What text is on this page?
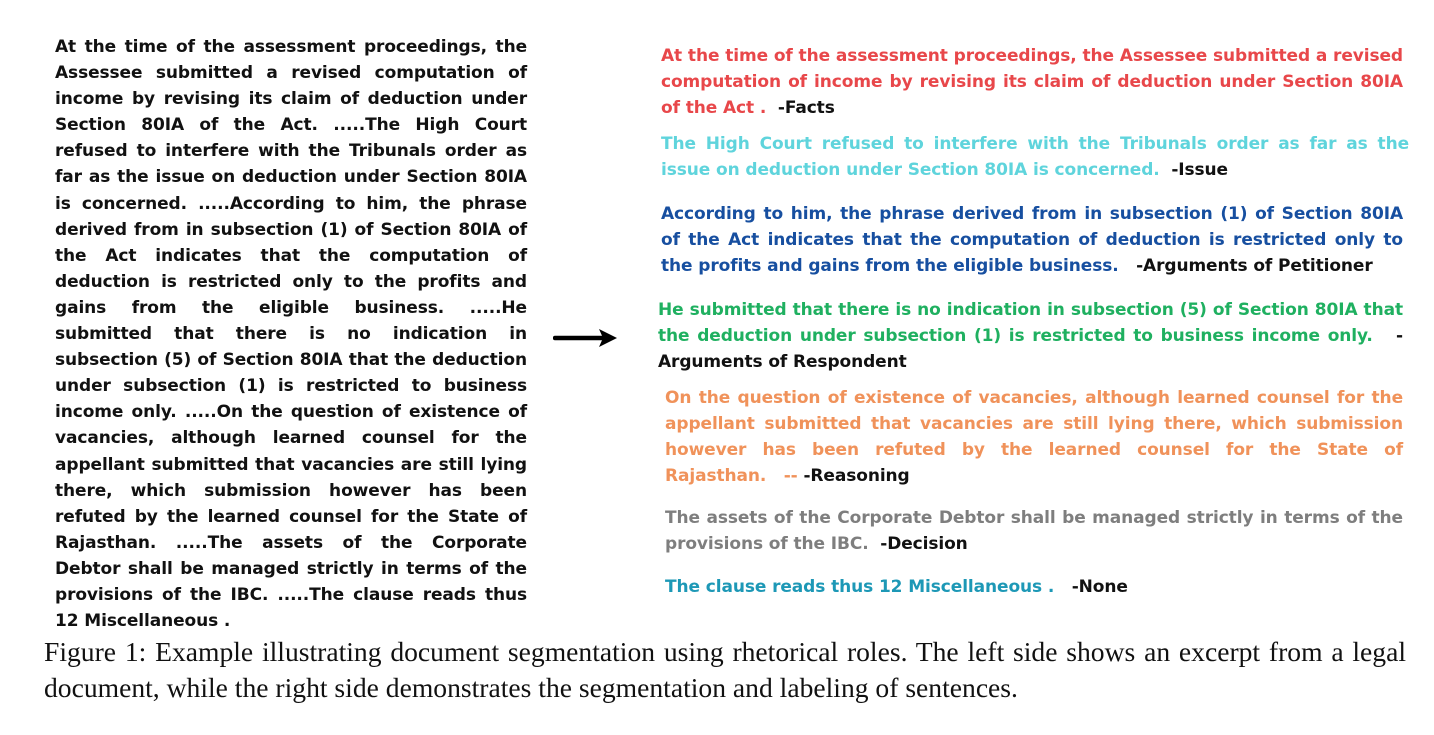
At the time of the assessment proceedings, the Assessee submitted a revised computation of income by revising its claim of deduction under Section 80IA of the Act. .....The High Court refused to interfere with the Tribunals order as far as the issue on deduction under Section 80IA is concerned. .....According to him, the phrase derived from in subsection (1) of Section 80IA of the Act indicates that the computation of deduction is restricted only to the profits and gains from the eligible business. .....He submitted that there is no indication in subsection (5) of Section 80IA that the deduction under subsection (1) is restricted to business income only. .....On the question of existence of vacancies, although learned counsel for the appellant submitted that vacancies are still lying there, which submission however has been refuted by the learned counsel for the State of Rajasthan. .....The assets of the Corporate Debtor shall be managed strictly in terms of the provisions of the IBC. .....The clause reads thus 12 Miscellaneous .
At the time of the assessment proceedings, the Assessee submitted a revised computation of income by revising its claim of deduction under Section 80IA of the Act . -Facts
The High Court refused to interfere with the Tribunals order as far as the issue on deduction under Section 80IA is concerned. -Issue
According to him, the phrase derived from in subsection (1) of Section 80IA of the Act indicates that the computation of deduction is restricted only to the profits and gains from the eligible business. -Arguments of Petitioner
He submitted that there is no indication in subsection (5) of Section 80IA that the deduction under subsection (1) is restricted to business income only. - Arguments of Respondent
On the question of existence of vacancies, although learned counsel for the appellant submitted that vacancies are still lying there, which submission however has been refuted by the learned counsel for the State of Rajasthan. -- -Reasoning
The assets of the Corporate Debtor shall be managed strictly in terms of the provisions of the IBC. -Decision
The clause reads thus 12 Miscellaneous . -None
Figure 1: Example illustrating document segmentation using rhetorical roles. The left side shows an excerpt from a legal document, while the right side demonstrates the segmentation and labeling of sentences.
